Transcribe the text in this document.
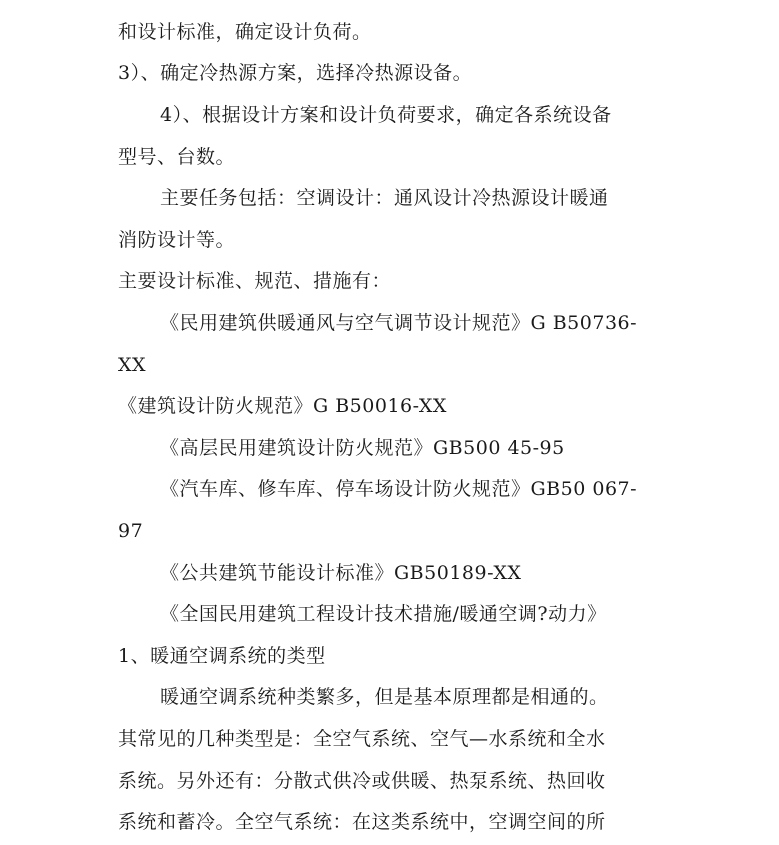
和设计标准，确定设计负荷。
3）、确定冷热源方案，选择冷热源设备。
4）、根据设计方案和设计负荷要求，确定各系统设备
型号、台数。
主要任务包括：空调设计：通风设计冷热源设计暖通
消防设计等。
主要设计标准、规范、措施有：
《民用建筑供暖通风与空气调节设计规范》G B50736-
XX
《建筑设计防火规范》G B50016-XX
《高层民用建筑设计防火规范》GB500 45-95
《汽车库、修车库、停车场设计防火规范》GB50 067-
97
《公共建筑节能设计标准》GB50189-XX
《全国民用建筑工程设计技术措施/暖通空调?动力》
1、暖通空调系统的类型
暖通空调系统种类繁多，但是基本原理都是相通的。
其常见的几种类型是：全空气系统、空气—水系统和全水
系统。另外还有：分散式供冷或供暖、热泵系统、热回收
系统和蓄冷。全空气系统：在这类系统中，空调空间的所
